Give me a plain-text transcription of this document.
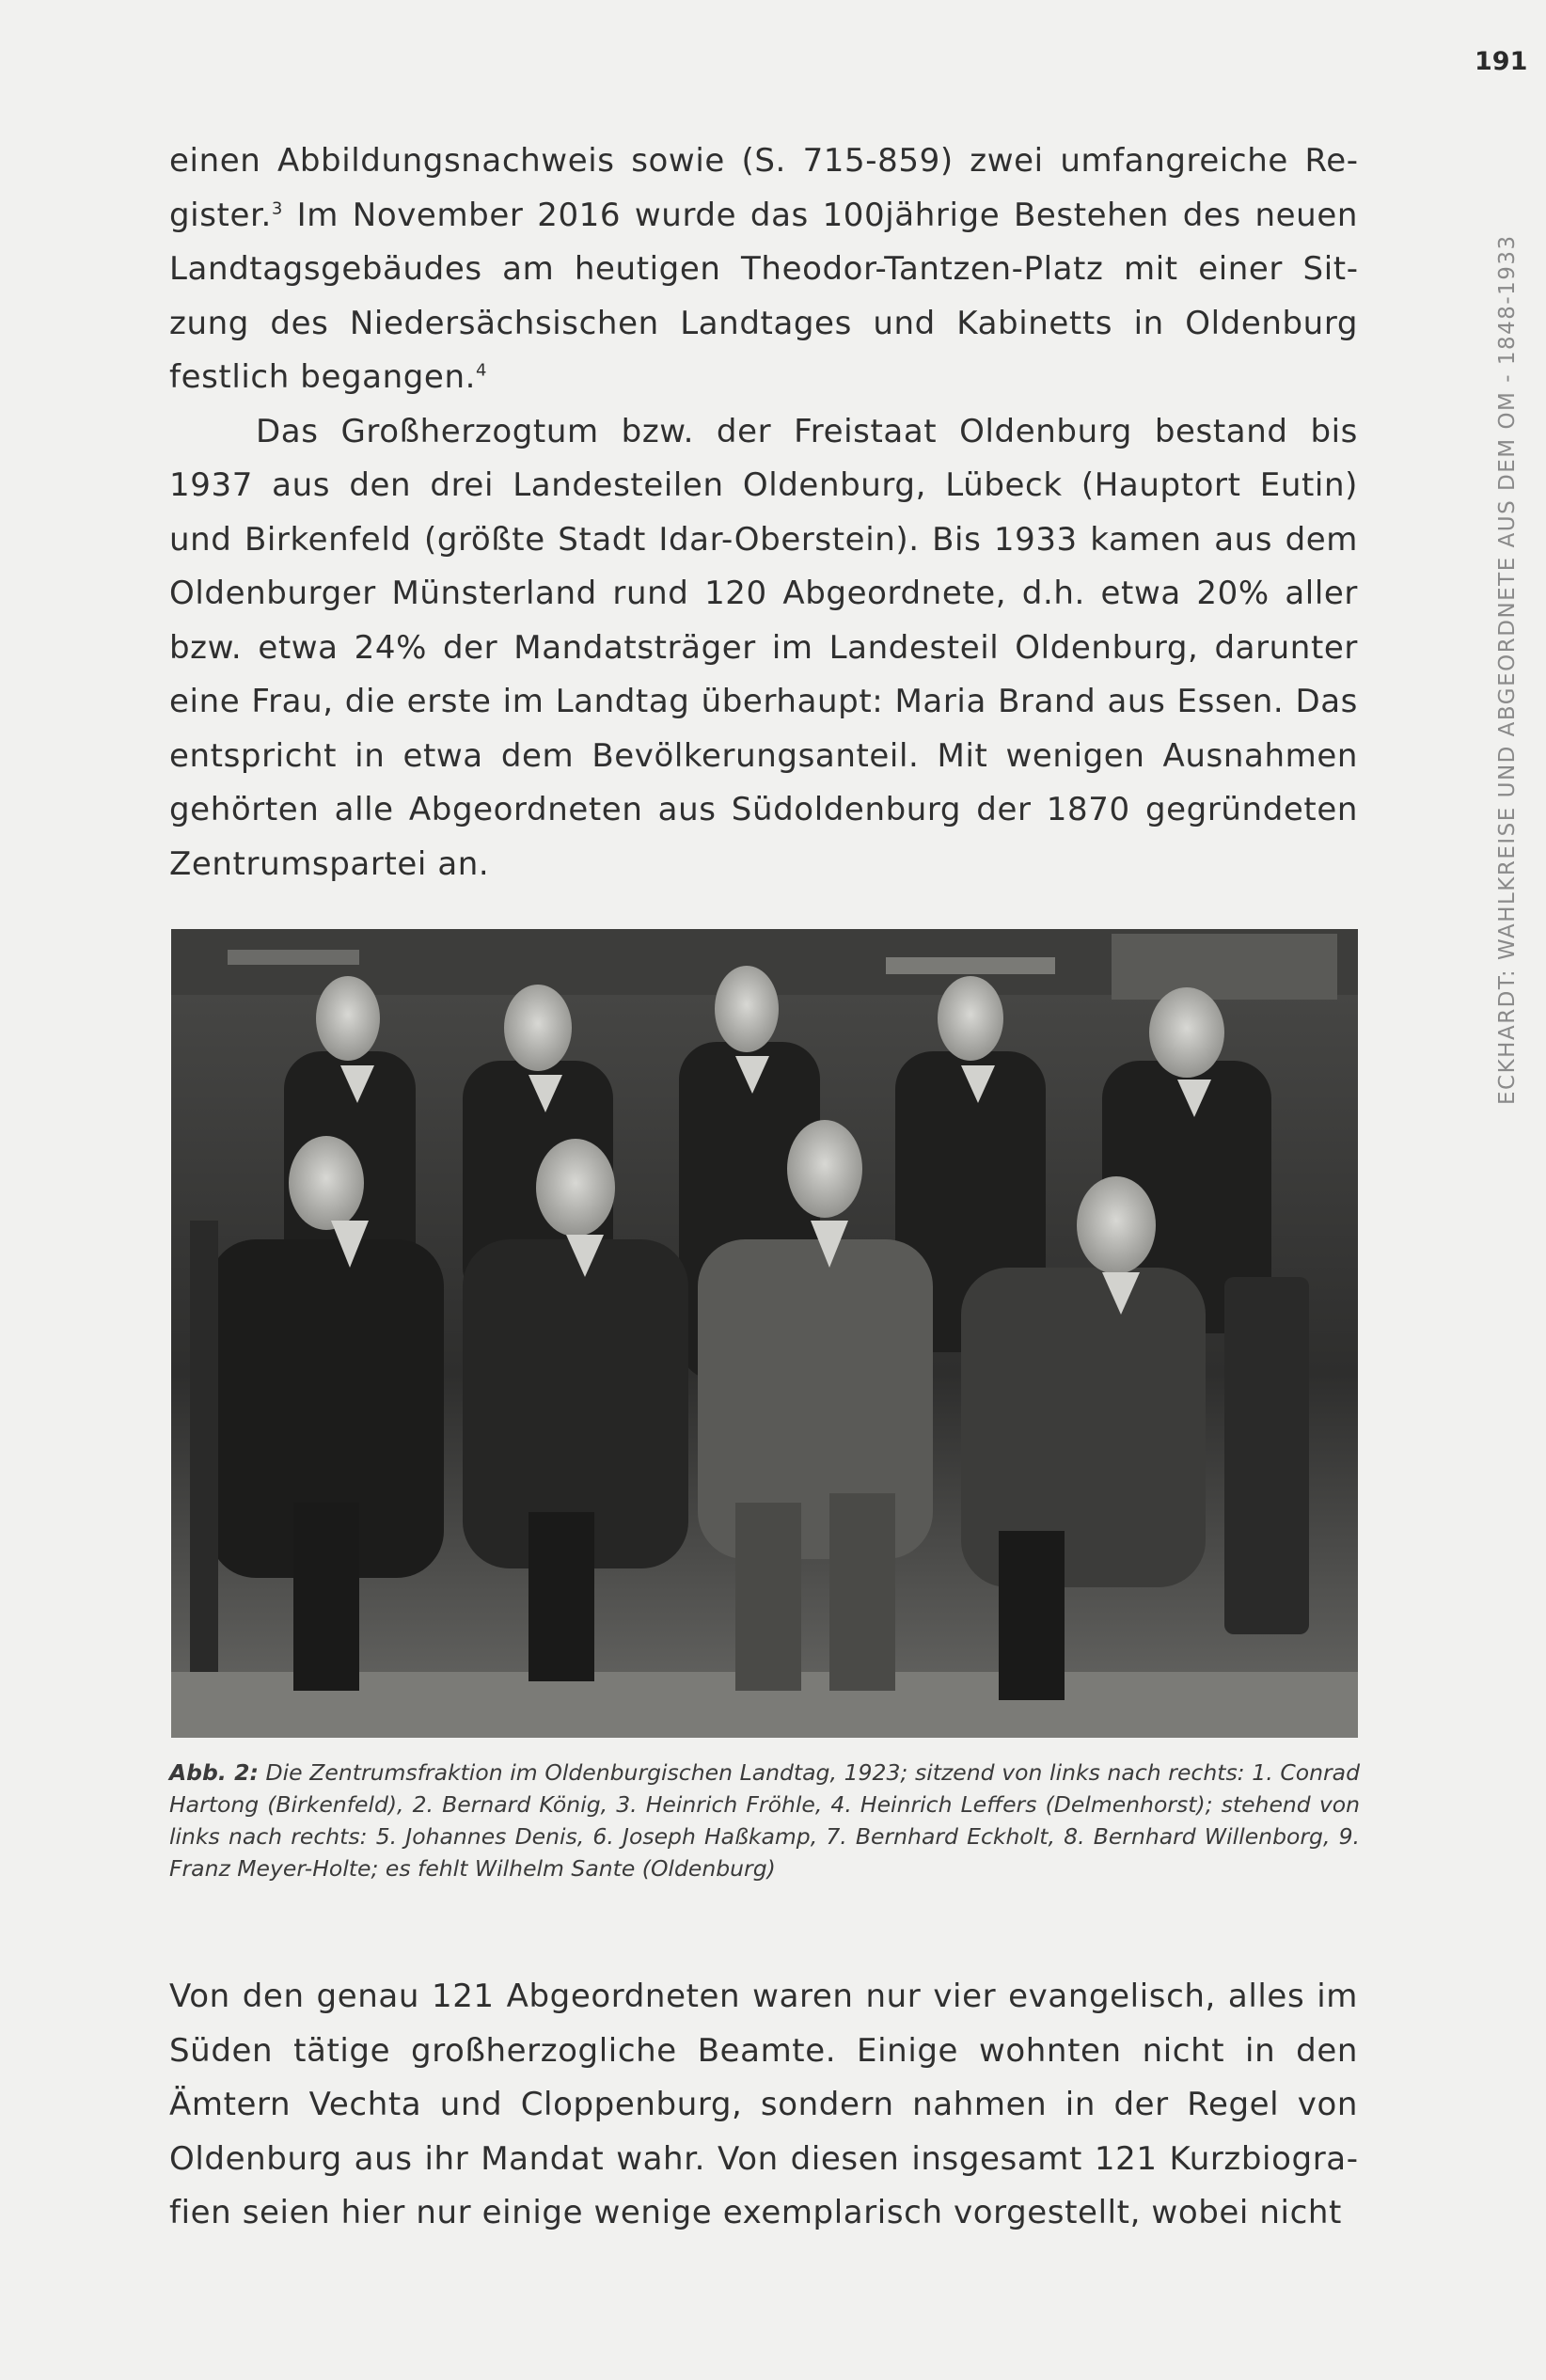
191
ECKHARDT: WAHLKREISE UND ABGEORDNETE AUS DEM OM - 1848-1933

einen Abbildungsnachweis sowie (S. 715-859) zwei umfangreiche Register.$^3$ Im November 2016 wurde das 100jährige Bestehen des neuen Landtagsgebäudes am heutigen Theodor-Tantzen-Platz mit einer Sitzung des Niedersächsischen Landtages und Kabinetts in Oldenburg festlich begangen.$^4$

Das Großherzogtum bzw. der Freistaat Oldenburg bestand bis 1937 aus den drei Landesteilen Oldenburg, Lübeck (Hauptort Eutin) und Birkenfeld (größte Stadt Idar-Oberstein). Bis 1933 kamen aus dem Oldenburger Münsterland rund 120 Abgeordnete, d.h. etwa 20% aller bzw. etwa 24% der Mandatsträger im Landesteil Oldenburg, darunter eine Frau, die erste im Landtag überhaupt: Maria Brand aus Essen. Das entspricht in etwa dem Bevölkerungsanteil. Mit wenigen Ausnahmen gehörten alle Abgeordneten aus Südoldenburg der 1870 gegründeten Zentrumspartei an.

Abb. 2: Die Zentrumsfraktion im Oldenburgischen Landtag, 1923; sitzend von links nach rechts: 1. Conrad Hartong (Birkenfeld), 2. Bernard König, 3. Heinrich Fröhle, 4. Heinrich Leffers (Delmenhorst); stehend von links nach rechts: 5. Johannes Denis, 6. Joseph Haßkamp, 7. Bernhard Eckholt, 8. Bernhard Willenborg, 9. Franz Meyer-Holte; es fehlt Wilhelm Sante (Oldenburg)

Von den genau 121 Abgeordneten waren nur vier evangelisch, alles im Süden tätige großherzogliche Beamte. Einige wohnten nicht in den Ämtern Vechta und Cloppenburg, sondern nahmen in der Regel von Oldenburg aus ihr Mandat wahr. Von diesen insgesamt 121 Kurzbiografien seien hier nur einige wenige exemplarisch vorgestellt, wobei nicht
